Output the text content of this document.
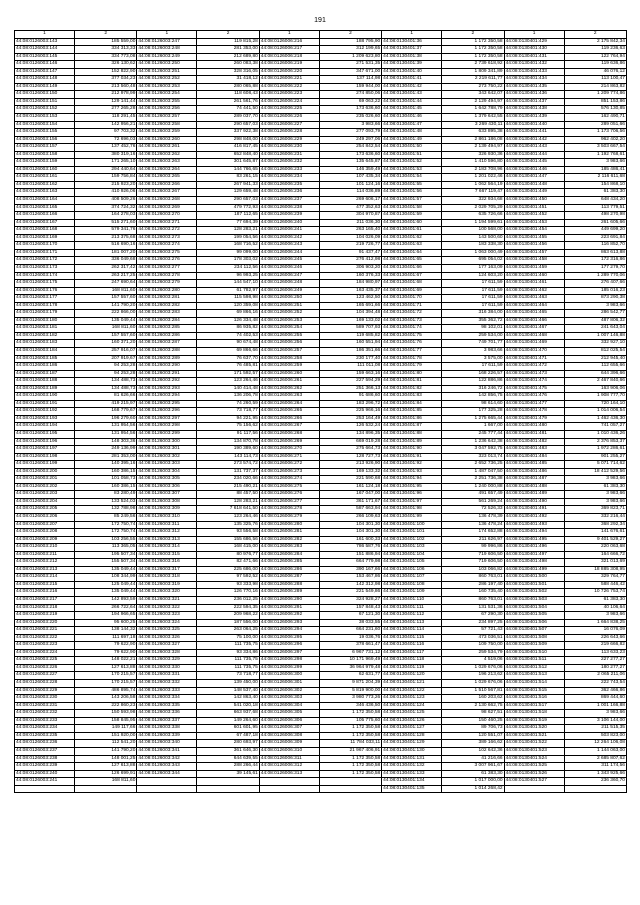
191
1	2	1	2	1	2	1	2	1	2
44:08:0126003:143	185 559,00	44:08:0126003:247	119 815,28	44:08:0126006:216	188 795,90	44:08:0130401:36	1 172 350,58	44:08:0130401:429	2 175 842,34
44:08:0126003:144	334 313,33	44:08:0126003:248	281 353,00	44:08:0126006:217	312 199,65	44:08:0130401:37	1 172 350,58	44:08:0130401:430	119 236,63
44:08:0126003:145	334 773,08	44:08:0126003:249	212 689,80	44:08:0126006:218	1 209 623,80	44:08:0130401:38	1 172 350,58	44:08:0130401:431	122 764,94
44:08:0126003:146	326 130,62	44:08:0126003:250	260 083,38	44:08:0126006:219	271 531,35	44:08:0130401:39	2 739 618,92	44:08:0130401:432	119 636,86
44:08:0126003:147	152 822,90	44:08:0126003:251	328 316,05	44:08:0126006:220	347 671,00	44:08:0130401:40	1 809 341,89	44:08:0130401:433	46 076,12
44:08:0126003:148	377 034,23	44:08:0126003:252	31 418,12	44:08:0126006:221	137 114,98	44:08:0130401:41	2 219 611,77	44:08:0130401:434	113 100,47
44:08:0126003:149	213 560,48	44:08:0126003:253	280 065,88	44:08:0126006:222	159 944,00	44:08:0130401:42	273 750,22	44:08:0130401:435	214 863,82
44:08:0126003:150	212 978,99	44:08:0126003:254	118 608,43	44:08:0126006:223	274 850,06	44:08:0130401:43	343 642,07	44:08:0130401:436	1 209 774,86
44:08:0126003:151	129 141,44	44:08:0126003:255	261 561,76	44:08:0126006:224	69 063,22	44:08:0130401:44	2 129 494,97	44:08:0130401:437	851 153,86
44:08:0126003:152	277 265,28	44:08:0126003:256	74 441,50	44:08:0126006:225	173 636,60	44:08:0130401:45	1 642 788,79	44:08:0130401:438	576 130,85
44:08:0126003:153	118 291,45	44:08:0126003:257	289 037,70	44:08:0126006:226	235 026,60	44:08:0130401:46	1 379 642,55	44:08:0130401:439	162 490,71
44:08:0126003:154	142 956,21	44:08:0126003:258	290 657,03	44:08:0126006:227	3 983,66	44:08:0130401:47	3 269 430,11	44:08:0130401:440	289 051,66
44:08:0126003:155	97 703,32	44:08:0126003:259	337 922,38	44:08:0126006:228	277 093,79	44:08:0130401:48	633 895,38	44:08:0130401:441	1 173 706,56
44:08:0126003:156	72 696,03	44:08:0126003:260	298 848,00	44:08:0126006:229	249 297,06	44:08:0130401:49	2 861 186,08	44:08:0130401:442	962 402,20
44:08:0126003:157	137 452,76	44:08:0126003:261	416 817,45	44:08:0126006:230	254 842,54	44:08:0130401:50	2 139 494,97	44:08:0130401:443	3 503 667,54
44:08:0126003:158	380 319,16	44:08:0126003:262	652 848,40	44:08:0126006:231	173 636,60	44:08:0130401:51	326 930,36	44:08:0130401:444	1 192 768,61
44:08:0126003:159	171 265,10	44:08:0126003:263	301 645,87	44:08:0126006:232	135 645,87	44:08:0130401:52	1 410 596,80	44:08:0130401:445	3 983,66
44:08:0126003:160	294 440,64	44:08:0126003:264	144 766,65	44:08:0126006:233	146 359,49	44:08:0130401:53	2 183 708,96	44:08:0130401:446	185 486,41
44:08:0126003:161	159 756,84	44:08:0126003:265	83 261,15	44:08:0126006:234	107 435,34	44:08:0130401:54	1 201 022,46	44:08:0130401:447	2 116 611,68
44:08:0126003:162	215 923,20	44:08:0126003:266	267 941,33	44:08:0126006:235	101 124,16	44:08:0130401:55	1 062 564,19	44:08:0130401:448	154 868,10
44:08:0126003:163	410 926,06	44:08:0126003:267	129 659,48	44:08:0126006:236	114 036,89	44:08:0130401:56	7 667 119,47	44:08:0130401:449	61 383,30
44:08:0126003:164	408 509,26	44:08:0126003:268	290 657,03	44:08:0126006:237	269 606,17	44:08:0130401:57	322 934,68	44:08:0130401:450	648 434,20
44:08:0126003:165	374 724,32	44:08:0126003:269	479 772,93	44:08:0126006:238	477 352,63	44:08:0130401:58	2 029 705,29	44:08:0130401:451	113 779,51
44:08:0126003:166	164 278,03	44:08:0126003:270	187 112,65	44:08:0126006:239	304 970,87	44:08:0130401:59	635 726,66	44:08:0130401:452	498 270,98
44:08:0126003:167	515 271,60	44:08:0126003:271	77 694,39	44:08:0126006:240	211 036,30	44:08:0130401:60	1 194 599,61	44:08:0130401:453	261 605,66
44:08:0126003:168	579 341,76	44:08:0126003:272	128 283,21	44:08:0126006:241	263 165,40	44:08:0130401:61	100 568,00	44:08:0130401:454	449 699,20
44:08:0126003:169	213 375,68	44:08:0126003:273	199 054,56	44:08:0126006:242	104 026,09	44:08:0130401:62	143 500,60	44:08:0130401:455	223 691,84
44:08:0126003:170	516 690,16	44:08:0126003:274	168 716,52	44:08:0126006:243	219 726,77	44:08:0130401:63	183 338,30	44:08:0130401:456	116 852,70
44:08:0126003:171	181 007,20	44:08:0126003:275	99 099,00	44:08:0126006:244	91 437,47	44:08:0130401:64	1 063 000,49	44:08:0130401:457	863 613,88
44:08:0126003:172	336 049,68	44:08:0126003:276	178 303,02	44:08:0126006:245	276 412,98	44:08:0130401:65	695 054,02	44:08:0130401:458	172 316,86
44:08:0126003:173	262 317,42	44:08:0126003:277	234 112,56	44:08:0126006:246	306 903,20	44:08:0130401:66	177 163,09	44:08:0130401:459	177 279,70
44:08:0126003:174	263 217,25	44:08:0126003:278	96 993,25	44:08:0126006:247	160 376,33	44:08:0130401:67	124 603,20	44:08:0130401:460	1 289 770,06
44:08:0126003:175	247 690,64	44:08:0126003:279	144 547,10	44:08:0126006:248	184 980,97	44:08:0130401:68	17 611,59	44:08:0130401:461	276 407,66
44:08:0126003:176	168 811,60	44:08:0126003:280	61 782,97	44:08:0126006:249	163 435,37	44:08:0130401:69	17 611,59	44:08:0130401:462	185 016,23
44:08:0126003:177	157 557,60	44:08:0126003:281	115 598,98	44:08:0126006:250	123 462,50	44:08:0130401:70	17 611,59	44:08:0130401:463	873 290,38
44:08:0126003:178	141 790,20	44:08:0126003:282	120 359,08	44:08:0126006:251	165 691,66	44:08:0130401:71	17 611,59	44:08:0130401:464	3 983,66
44:08:0126003:179	222 866,00	44:08:0126003:283	69 866,16	44:08:0126006:252	104 394,48	44:08:0130401:72	316 384,00	44:08:0130401:465	286 542,77
44:08:0126003:180	135 049,44	44:08:0126003:284	126 334,48	44:08:0126006:253	169 133,02	44:08:0130401:73	355 362,72	44:08:0130401:466	487 806,32
44:08:0126003:181	168 811,60	44:08:0126003:285	86 935,82	44:08:0126006:254	589 707,93	44:08:0130401:74	98 102,01	44:08:0130401:467	241 643,04
44:08:0126003:182	157 557,60	44:08:0126003:286	74 402,53	44:08:0126006:255	119 685,82	44:08:0130401:75	259 534,00	44:08:0130401:468	1 007 146,88
44:08:0126003:183	160 371,20	44:08:0126003:287	90 674,48	44:08:0126006:256	160 551,94	44:08:0130401:76	749 701,77	44:08:0130401:469	332 927,10
44:08:0126003:184	257 916,07	44:08:0126003:288	69 866,66	44:08:0126006:257	186 351,66	44:08:0130401:77	3 983,66	44:08:0130401:470	812 025,54
44:08:0126003:185	207 919,67	44:08:0126003:289	76 637,70	44:08:0126006:258	230 177,40	44:08:0130401:78	3 575,00	44:08:0130401:471	212 945,40
44:08:0126003:186	94 253,28	44:08:0126003:290	76 485,81	44:08:0126006:259	111 011,08	44:08:0130401:79	17 611,59	44:08:0130401:472	112 655,66
44:08:0126003:187	94 253,28	44:08:0126003:291	171 592,57	44:08:0126006:260	159 663,16	44:08:0130401:80	168 226,57	44:08:0130401:473	644 396,66
44:08:0126003:188	134 488,73	44:08:0126003:292	123 264,46	44:08:0126006:261	227 594,29	44:08:0130401:81	122 886,86	44:08:0130401:474	2 467 840,66
44:08:0126003:189	134 488,73	44:08:0126003:293	140 414,48	44:08:0126006:262	251 366,13	44:08:0130401:82	316 246,72	44:08:0130401:475	163 906,06
44:08:0126003:190	81 626,66	44:08:0126003:294	136 206,78	44:08:0126006:263	91 686,60	44:08:0130401:83	142 856,75	44:08:0130401:476	1 908 777,70
44:08:0126003:191	419 215,97	44:08:0126003:295	74 260,59	44:08:0126006:264	183 296,72	44:08:0130401:84	98 614,60	44:08:0130401:477	720 164,10
44:08:0126003:192	168 779,67	44:08:0126003:296	73 718,77	44:08:0126006:265	225 966,16	44:08:0130401:85	177 325,28	44:08:0130401:478	1 014 006,54
44:08:0126003:193	196 279,60	44:08:0126003:297	94 221,95	44:08:0126006:266	253 164,49	44:08:0130401:86	1 275 665,44	44:08:0130401:479	1 462 436,30
44:08:0126003:194	131 954,56	44:08:0126003:298	75 156,62	44:08:0126006:267	126 532,24	44:08:0130401:87	1 667,00	44:08:0130401:480	741 057,27
44:08:0126003:195	131 954,56	44:08:0126003:299	91 117,56	44:08:0126006:268	134 896,35	44:08:0130401:88	245 777,44	44:08:0130401:481	1 010 436,26
44:08:0126003:196	148 303,36	44:08:0126003:300	134 870,78	44:08:0126006:269	669 019,28	44:08:0130401:89	1 236 642,38	44:08:0130401:482	2 376 853,37
44:08:0126003:197	249 136,99	44:08:0126003:301	190 389,60	44:08:0126006:270	275 664,73	44:08:0130401:90	3 047 592,75	44:08:0130401:483	1 972 286,61
44:08:0126003:198	281 353,00	44:08:0126003:302	143 114,73	44:08:0126006:271	128 727,73	44:08:0130401:91	323 013,74	44:08:0130401:484	901 255,27
44:08:0126003:199	140 395,16	44:08:0126003:303	273 574,72	44:08:0126006:272	213 926,90	44:08:0130401:92	2 652 736,25	44:08:0130401:485	5 071 714,62
44:08:0126003:200	160 386,15	44:08:0126003:304	131 737,37	44:08:0126006:273	169 133,32	44:08:0130401:93	1 487 047,50	44:08:0130401:486	18 412 529,56
44:08:0126003:201	101 058,73	44:08:0126003:305	234 020,66	44:08:0126006:274	221 590,68	44:08:0130401:94	2 251 736,38	44:08:0130401:487	3 983,66
44:08:0126003:202	160 386,15	44:08:0126003:306	215 490,21	44:08:0126006:275	161 124,18	44:08:0130401:95	1 240 000,88	44:08:0130401:488	61 383,30
44:08:0126003:203	83 280,49	44:08:0126003:307	88 457,50	44:08:0126006:276	167 047,00	44:08:0130401:96	491 657,49	44:08:0130401:489	3 983,66
44:08:0126003:204	133 524,03	44:08:0126003:308	128 283,21	44:08:0126006:277	361 171,67	44:08:0130401:97	561 269,24	44:08:0130401:490	3 983,66
44:08:0126003:205	132 788,98	44:08:0126003:309	7 618 641,50	44:08:0126006:278	587 663,94	44:08:0130401:98	72 526,33	44:08:0130401:491	369 823,71
44:08:0126003:206	85 249,56	44:08:0126003:310	123 264,46	44:08:0126006:279	266 109,63	44:08:0130401:99	136 478,39	44:08:0130401:492	332 216,44
44:08:0126003:207	172 750,74	44:08:0126003:311	135 325,76	44:08:0126006:280	104 301,30	44:08:0130401:100	136 478,24	44:08:0130401:493	368 292,34
44:08:0126003:208	172 750,74	44:08:0126003:312	93 556,58	44:08:0126006:281	104 301,30	44:08:0130401:101	174 652,88	44:08:0130401:494	141 676,61
44:08:0126003:209	103 256,55	44:08:0126003:313	155 686,56	44:08:0126006:282	161 600,33	44:08:0130401:102	211 626,97	44:08:0130401:495	9 401 529,27
44:08:0126003:210	113 365,05	44:08:0126003:314	168 415,00	44:08:0126006:283	786 587,76	44:08:0130401:103	99 996,86	44:08:0130401:496	220 063,68
44:08:0126003:211	195 507,34	44:08:0126003:315	80 976,77	44:08:0126006:284	151 886,94	44:08:0130401:104	719 606,50	44:08:0130401:497	164 666,72
44:08:0126003:212	155 507,34	44:08:0126003:316	82 471,66	44:08:0126006:285	664 779,98	44:08:0130401:105	719 606,50	44:08:0130401:498	321 013,69
44:08:0126003:213	135 049,44	44:08:0126003:317	225 686,00	44:08:0126006:286	390 167,66	44:08:0130401:106	103 066,82	44:08:0130401:499	18 885 308,95
44:08:0126003:214	108 344,99	44:08:0126003:318	97 592,52	44:08:0126006:287	153 467,86	44:08:0130401:107	860 763,01	44:08:0130401:500	329 764,77
44:08:0126003:215	125 049,44	44:08:0126003:319	93 333,98	44:08:0126006:288	142 312,98	44:08:0130401:108	286 197,40	44:08:0130401:501	588 446,42
44:08:0126003:216	135 049,44	44:08:0126003:320	126 770,16	44:08:0126006:289	221 549,86	44:08:0130401:109	160 735,40	44:08:0130401:502	10 726 753,74
44:08:0126003:217	142 893,59	44:08:0126003:321	236 012,25	44:08:0126006:290	324 928,27	44:08:0130401:110	860 763,01	44:08:0130401:503	61 383,30
44:08:0126003:218	266 722,64	44:08:0126003:322	222 594,35	44:08:0126006:291	157 848,43	44:08:0130401:111	131 531,36	44:08:0130401:504	40 106,64
44:08:0126003:219	194 966,65	44:08:0126003:323	209 968,22	44:08:0126006:292	67 121,30	44:08:0130401:112	67 290,30	44:08:0130401:505	3 983,66
44:08:0126003:220	95 600,25	44:08:0126003:324	187 556,00	44:08:0126006:293	38 033,55	44:08:0130401:113	234 897,25	44:08:0130401:506	1 664 838,25
44:08:0126003:221	138 144,32	44:08:0126003:325	263 064,25	44:08:0126006:294	664 231,60	44:08:0130401:114	57 721,43	44:08:0130401:507	16 076,09
44:08:0126003:222	111 697,18	44:08:0126003:326	75 100,00	44:08:0126006:295	19 036,76	44:08:0130401:115	473 036,51	44:08:0130401:508	226 643,66
44:08:0126003:223	79 622,90	44:08:0126003:327	111 735,75	44:08:0126006:296	378 661,47	44:08:0130401:116	109 750,00	44:08:0130401:509	219 666,82
44:08:0126003:224	79 622,90	44:08:0126003:328	93 334,86	44:08:0126006:297	6 967 731,12	44:08:0130401:117	259 534,79	44:08:0130401:510	113 633,23
44:08:0126003:225	148 022,21	44:08:0126003:329	111 735,75	44:08:0126006:298	10 171 969,49	44:08:0130401:118	4 519,06	44:08:0130401:511	227 277,27
44:08:0126003:226	127 613,88	44:08:0126003:330	111 735,75	44:08:0126006:299	36 964 979,48	44:08:0130401:119	1 029 676,06	44:08:0130401:512	180 277,27
44:08:0126003:227	170 215,57	44:08:0126003:331	73 718,77	44:08:0126006:300	62 631,77	44:08:0130401:120	196 213,62	44:08:0130401:513	2 065 211,06
44:08:0126003:228	170 215,57	44:08:0126003:332	139 450,00	44:08:0126006:301	9 871 204,39	44:08:0130401:121	1 029 676,06	44:08:0130401:514	222 743,54
44:08:0126003:229	486 895,74	44:08:0126003:333	148 537,40	44:08:0126006:302	5 819 900,00	44:08:0130401:122	1 510 567,81	44:08:0130401:515	362 466,86
44:08:0126003:230	143 206,58	44:08:0126003:334	142 863,40	44:08:0126006:303	3 980 773,26	44:08:0130401:123	160 203,62	44:08:0130401:516	869 444,60
44:08:0126003:231	222 860,23	44:08:0126003:335	541 020,18	44:08:0126006:304	346 436,50	44:08:0130401:124	2 130 662,75	44:08:0130401:517	1 001 166,88
44:08:0126003:232	150 593,98	44:08:0126003:336	663 937,68	44:08:0126006:305	1 172 350,58	44:08:0130401:125	98 627,51	44:08:0130401:518	3 983,66
44:08:0126003:233	158 845,95	44:08:0126003:337	149 264,60	44:08:0126006:306	105 775,60	44:08:0130401:126	150 460,25	44:08:0130401:519	3 106 144,00
44:08:0126003:234	149 117,66	44:08:0126003:338	601 601,95	44:08:0126006:307	1 172 350,58	44:08:0130401:127	89 706,73	44:08:0130401:520	211 515,35
44:08:0126003:235	151 920,00	44:08:0126003:339	67 487,18	44:08:0126006:308	1 172 350,58	44:08:0130401:128	120 551,07	44:08:0130401:521	503 823,00
44:08:0126003:236	112 541,20	44:08:0126003:340	280 693,97	44:08:0126006:309	11 784 033,11	44:08:0130401:129	389 166,62	44:08:0130401:522	12 264 106,08
44:08:0126003:237	141 790,20	44:08:0126003:341	361 646,30	44:08:0126006:310	21 967 406,91	44:08:0130401:130	102 642,36	44:08:0130401:523	1 144 063,00
44:08:0126003:238	148 001,25	44:08:0126003:342	644 639,55	44:08:0126006:311	1 172 350,58	44:08:0130401:131	41 216,66	44:08:0130401:524	2 685 807,62
44:08:0126003:239	127 613,88	44:08:0126003:343	288 266,44	44:08:0126006:312	1 172 350,58	44:08:0130401:132	3 007 961,67	44:08:0130401:525	311 174,56
44:08:0126003:240	126 699,91	44:08:0126003:344	39 145,61	44:08:0126006:313	1 172 350,58	44:08:0130401:133	61 383,30	44:08:0130401:526	1 343 925,66
44:08:0126003:241	168 811,60					44:08:0130401:134	1 017 000,00	44:08:0130401:527	236 360,70
						44:08:0130401:135	1 014 268,42		
